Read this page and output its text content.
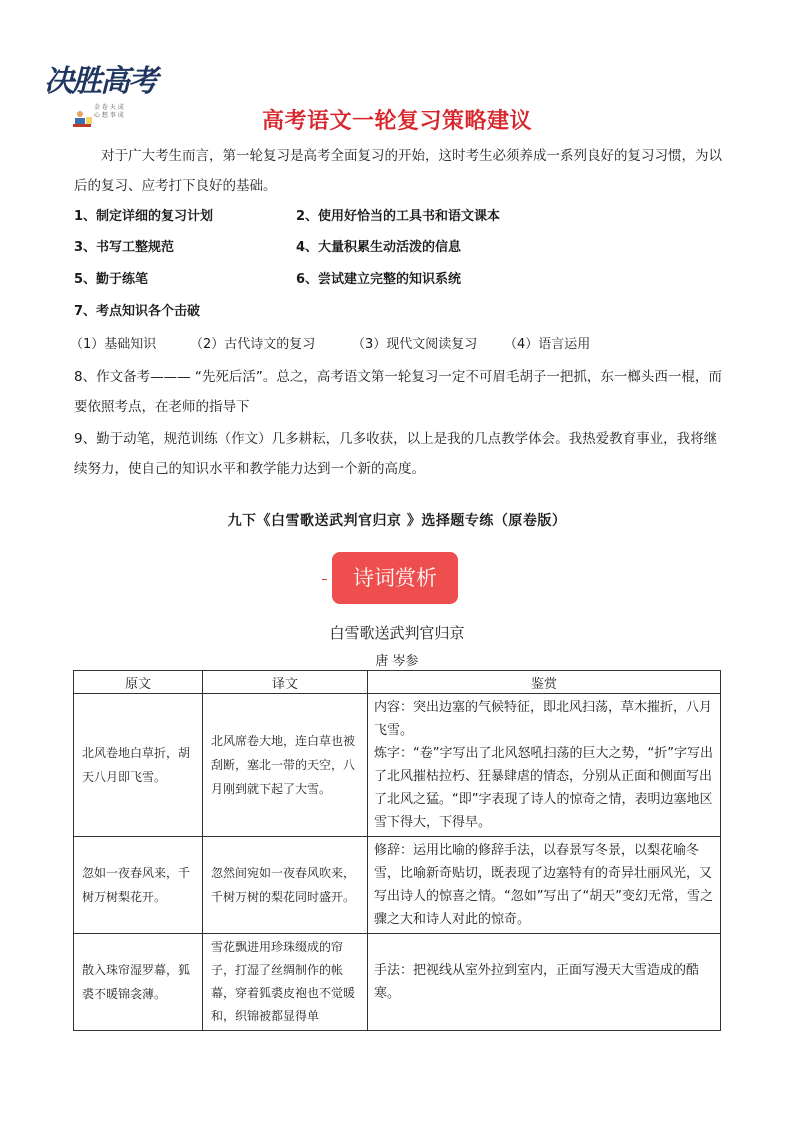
决胜高考
金 卷 天 成
心 想 事 成	高考语文一轮复习策略建议
对于广大考生而言，第一轮复习是高考全面复习的开始，这时考生必须养成一系列良好的复习习惯，为以后的复习、应考打下良好的基础。
1、制定详细的复习计划	2、使用好恰当的工具书和语文课本
3、书写工整规范	4、大量积累生动活泼的信息
5、勤于练笔	6、尝试建立完整的知识系统
7、考点知识各个击破
（1）基础知识	（2）古代诗文的复习	（3）现代文阅读复习 （4）语言运用
8、作文备考——— “先死后活”。总之，高考语文第一轮复习一定不可眉毛胡子一把抓，东一榔头西一棍，而要依照考点，在老师的指导下
9、勤于动笔，规范训练（作文）几多耕耘，几多收获，以上是我的几点教学体会。我热爱教育事业，我将继续努力，使自己的知识水平和教学能力达到一个新的高度。
九下《白雪歌送武判官归京 》选择题专练（原卷版）
诗词赏析
白雪歌送武判官归京
唐 岑参
原文	译文	鉴赏
北风卷地白草折，胡天八月即飞雪。	北风席卷大地，连白草也被刮断，塞北一带的天空，八月刚到就下起了大雪。	内容：突出边塞的气候特征，即北风扫荡，草木摧折，八月飞雪。
炼字：“卷”字写出了北风怒吼扫荡的巨大之势，“折”字写出了北风摧枯拉朽、狂暴肆虐的情态，分别从正面和侧面写出了北风之猛。“即”字表现了诗人的惊奇之情，表明边塞地区雪下得大，下得早。

忽如一夜春风来，千树万树梨花开。	忽然间宛如一夜春风吹来，千树万树的梨花同时盛开。	修辞：运用比喻的修辞手法，以春景写冬景，以梨花喻冬雪，比喻新奇贴切，既表现了边塞特有的奇异壮丽风光，又写出诗人的惊喜之情。“忽如”写出了“胡天”变幻无常，雪之骤之大和诗人对此的惊奇。

散入珠帘湿罗幕，狐裘不暖锦衾薄。	雪花飘进用珍珠缀成的帘子，打湿了丝绸制作的帐幕，穿着狐裘皮袍也不觉暖和，织锦被都显得单	手法：把视线从室外拉到室内，正面写漫天大雪造成的酷寒。
